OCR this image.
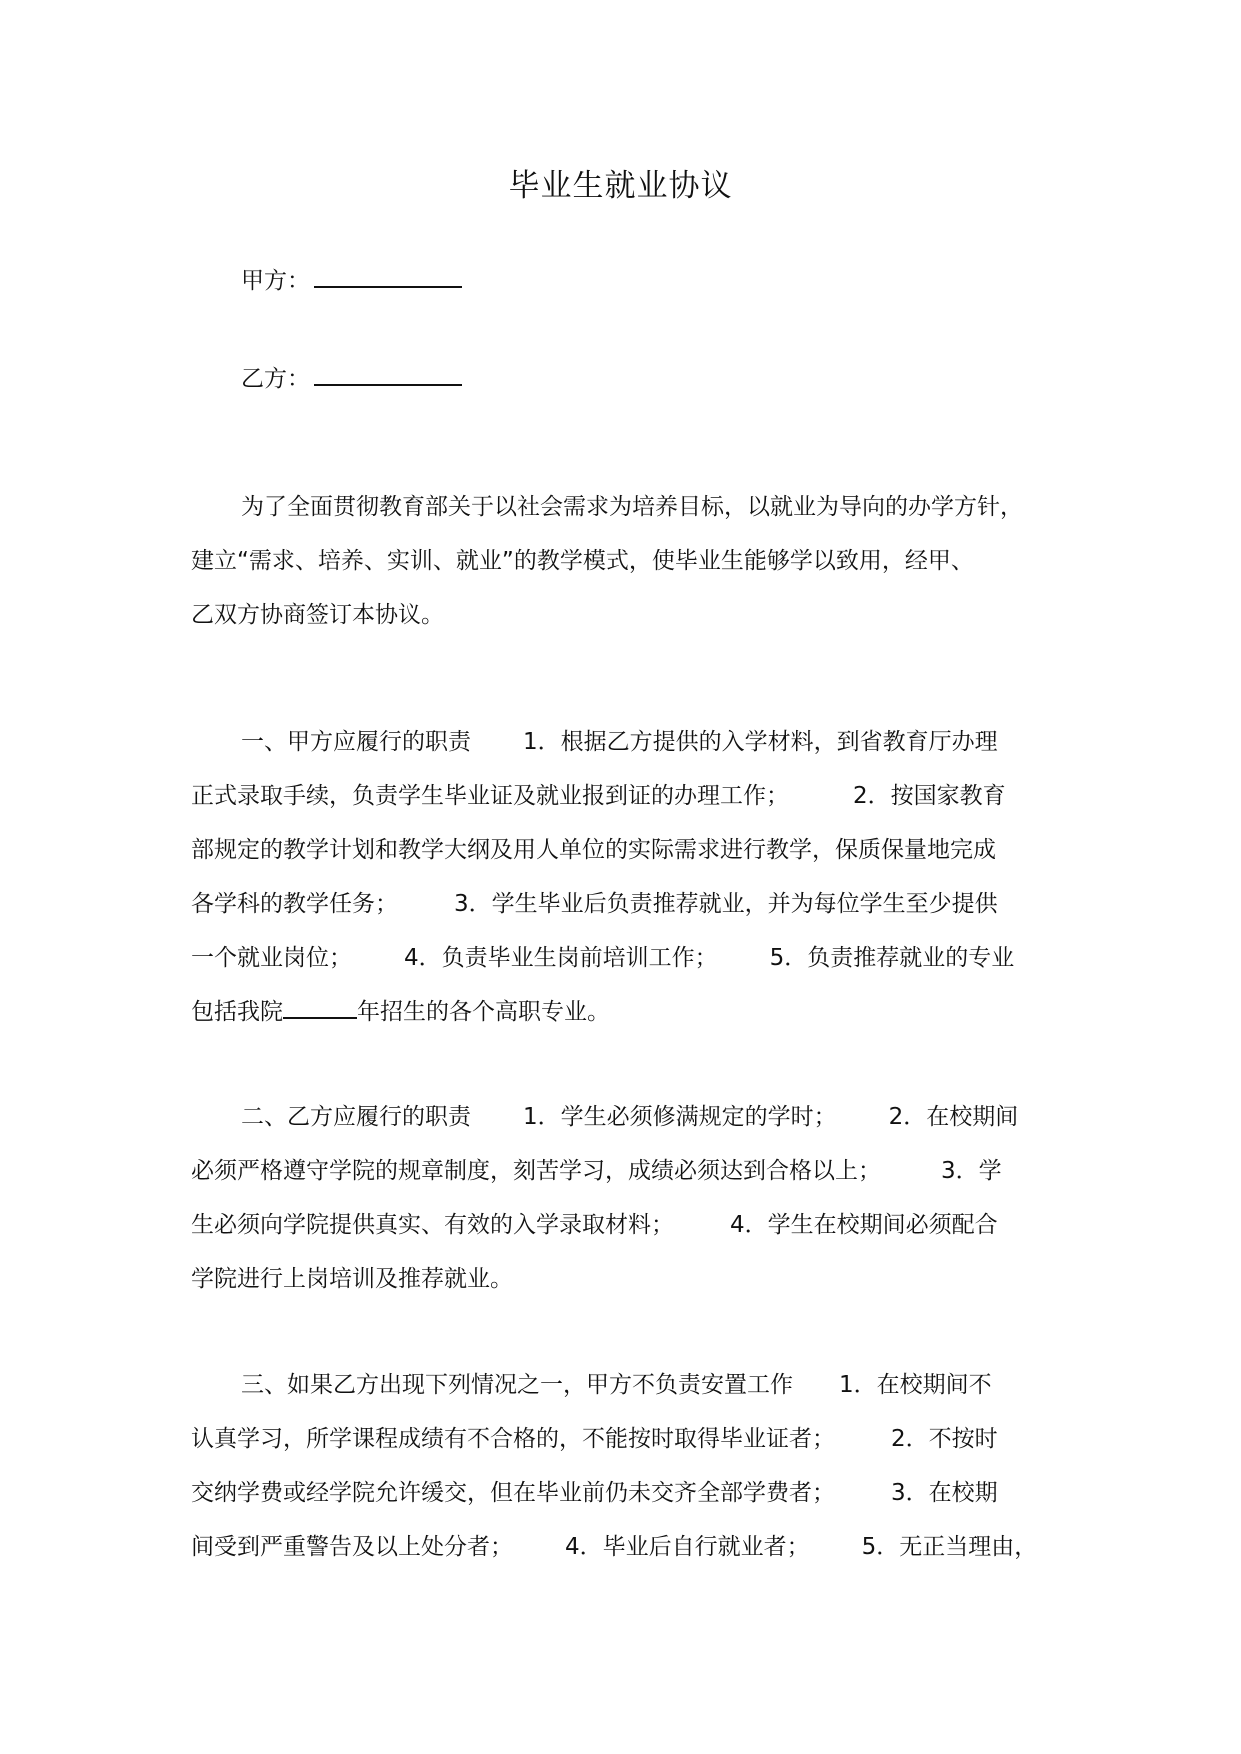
毕业生就业协议
甲方：
乙方：
为了全面贯彻教育部关于以社会需求为培养目标，以就业为导向的办学方针，
建立“需求、培养、实训、就业”的教学模式，使毕业生能够学以致用，经甲、
乙双方协商签订本协议。
一、甲方应履行的职责 1．根据乙方提供的入学材料，到省教育厅办理
正式录取手续，负责学生毕业证及就业报到证的办理工作；	2．按国家教育
部规定的教学计划和教学大纲及用人单位的实际需求进行教学，保质保量地完成
各学科的教学任务； 3．学生毕业后负责推荐就业，并为每位学生至少提供
一个就业岗位； 4．负责毕业生岗前培训工作； 5．负责推荐就业的专业
包括我院	年招生的各个高职专业。
二、乙方应履行的职责 1．学生必须修满规定的学时； 2．在校期间
必须严格遵守学院的规章制度，刻苦学习，成绩必须达到合格以上；	3．学
生必须向学院提供真实、有效的入学录取材料； 4．学生在校期间必须配合
学院进行上岗培训及推荐就业。
三、如果乙方出现下列情况之一，甲方不负责安置工作 1．在校期间不
认真学习，所学课程成绩有不合格的，不能按时取得毕业证者； 2．不按时
交纳学费或经学院允许缓交，但在毕业前仍未交齐全部学费者； 3．在校期
间受到严重警告及以上处分者； 4．毕业后自行就业者； 5．无正当理由，
